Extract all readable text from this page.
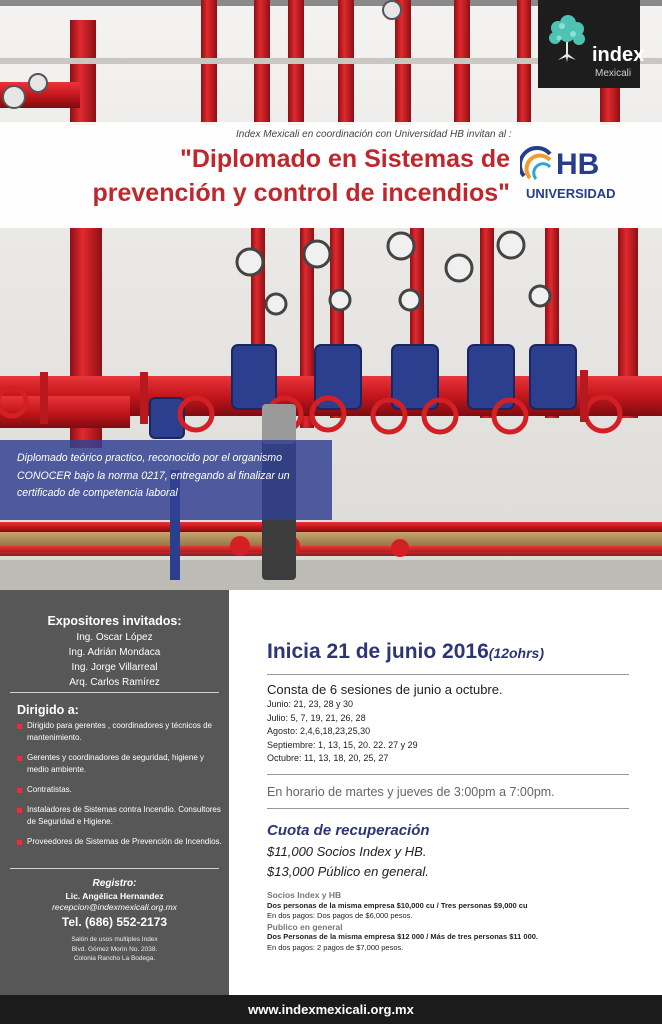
index
Mexicali
Index Mexicali en coordinación con Universidad HB invitan al :
"Diplomado en Sistemas de
prevención y control de incendios"
HB
UNIVERSIDAD

Diplomado teórico practico, reconocido por el organismo CONOCER bajo la norma 0217, entregando al finalizar un certificado de competencia laboral

Expositores invitados:
Ing. Oscar López
Ing. Adrián Mondaca
Ing. Jorge Villarreal
Arq. Carlos Ramírez
Dirigido a:
Dirigido para gerentes , coordinadores y técnicos de mantenimiento.
Gerentes y coordinadores de seguridad, higiene y medio ambiente.
Contratistas.
Instaladores de Sistemas contra Incendio. Consultores de Seguridad e Higiene.
Proveedores de Sistemas de Prevención de Incendios.
Registro:
Lic. Angélica Hernandez
recepcion@indexmexicali.org.mx
Tel. (686) 552-2173
Salón de usos multiples Index
Blvd. Gómez Morín No. 2038.
Colonia Rancho La Bodega.
Inicia 21 de junio 2016(12ohrs)
Consta de 6 sesiones de junio a octubre.
Junio: 21, 23, 28 y 30
Julio: 5, 7, 19, 21, 26, 28
Agosto: 2,4,6,18,23,25,30
Septiembre: 1, 13, 15, 20. 22. 27 y 29
Octubre: 11, 13, 18, 20, 25, 27
En horario de martes y jueves de 3:00pm a 7:00pm.
Cuota de recuperación
$11,000 Socios Index y HB.
$13,000 Público en general.
Socios Index y HB
Dos personas de la misma empresa $10,000 cu / Tres personas $9,000 cu
En dos pagos: Dos pagos de $6,000 pesos.
Publico en general
Dos Personas de la misma empresa $12 000 / Más de tres personas $11 000.
En dos pagos: 2 pagos de $7,000 pesos.
www.indexmexicali.org.mx
